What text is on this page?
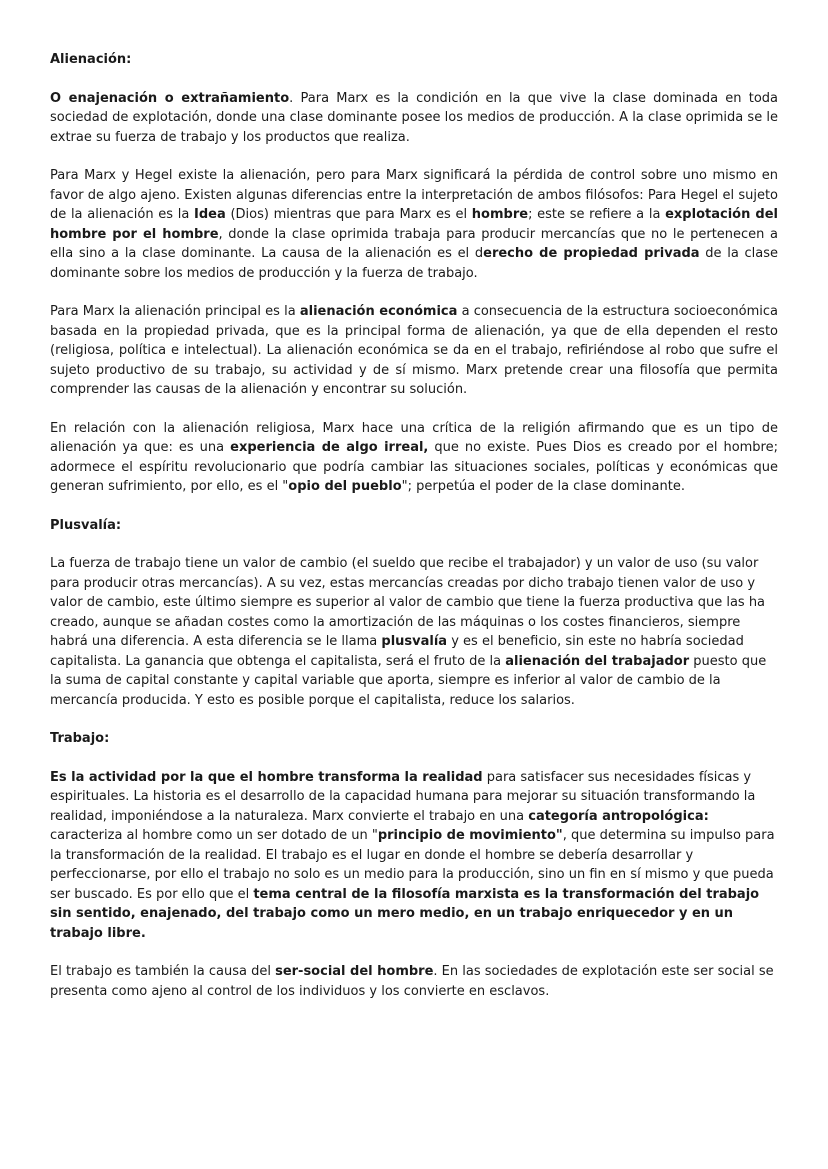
Alienación:

O enajenación o extrañamiento. Para Marx es la condición en la que vive la clase dominada en toda sociedad de explotación, donde una clase dominante posee los medios de producción. A la clase oprimida se le extrae su fuerza de trabajo y los productos que realiza.

Para Marx y Hegel existe la alienación, pero para Marx significará la pérdida de control sobre uno mismo en favor de algo ajeno. Existen algunas diferencias entre la interpretación de ambos filósofos: Para Hegel el sujeto de la alienación es la Idea (Dios) mientras que para Marx es el hombre; este se refiere a la explotación del hombre por el hombre, donde la clase oprimida trabaja para producir mercancías que no le pertenecen a ella sino a la clase dominante. La causa de la alienación es el derecho de propiedad privada de la clase dominante sobre los medios de producción y la fuerza de trabajo.

Para Marx la alienación principal es la alienación económica a consecuencia de la estructura socioeconómica basada en la propiedad privada, que es la principal forma de alienación, ya que de ella dependen el resto (religiosa, política e intelectual). La alienación económica se da en el trabajo, refiriéndose al robo que sufre el sujeto productivo de su trabajo, su actividad y de sí mismo. Marx pretende crear una filosofía que permita comprender las causas de la alienación y encontrar su solución.

En relación con la alienación religiosa, Marx hace una crítica de la religión afirmando que es un tipo de alienación ya que: es una experiencia de algo irreal, que no existe. Pues Dios es creado por el hombre; adormece el espíritu revolucionario que podría cambiar las situaciones sociales, políticas y económicas que generan sufrimiento, por ello, es el "opio del pueblo"; perpetúa el poder de la clase dominante.

Plusvalía:

La fuerza de trabajo tiene un valor de cambio (el sueldo que recibe el trabajador) y un valor de uso (su valor para producir otras mercancías). A su vez, estas mercancías creadas por dicho trabajo tienen valor de uso y valor de cambio, este último siempre es superior al valor de cambio que tiene la fuerza productiva que las ha creado, aunque se añadan costes como la amortización de las máquinas o los costes financieros, siempre habrá una diferencia. A esta diferencia se le llama plusvalía y es el beneficio, sin este no habría sociedad capitalista. La ganancia que obtenga el capitalista, será el fruto de la alienación del trabajador puesto que la suma de capital constante y capital variable que aporta, siempre es inferior al valor de cambio de la mercancía producida. Y esto es posible porque el capitalista, reduce los salarios.

Trabajo:

Es la actividad por la que el hombre transforma la realidad para satisfacer sus necesidades físicas y espirituales. La historia es el desarrollo de la capacidad humana para mejorar su situación transformando la realidad, imponiéndose a la naturaleza. Marx convierte el trabajo en una categoría antropológica: caracteriza al hombre como un ser dotado de un "principio de movimiento", que determina su impulso para la transformación de la realidad. El trabajo es el lugar en donde el hombre se debería desarrollar y perfeccionarse, por ello el trabajo no solo es un medio para la producción, sino un fin en sí mismo y que pueda ser buscado. Es por ello que el tema central de la filosofía marxista es la transformación del trabajo sin sentido, enajenado, del trabajo como un mero medio, en un trabajo enriquecedor y en un trabajo libre.

El trabajo es también la causa del ser-social del hombre. En las sociedades de explotación este ser social se presenta como ajeno al control de los individuos y los convierte en esclavos.
